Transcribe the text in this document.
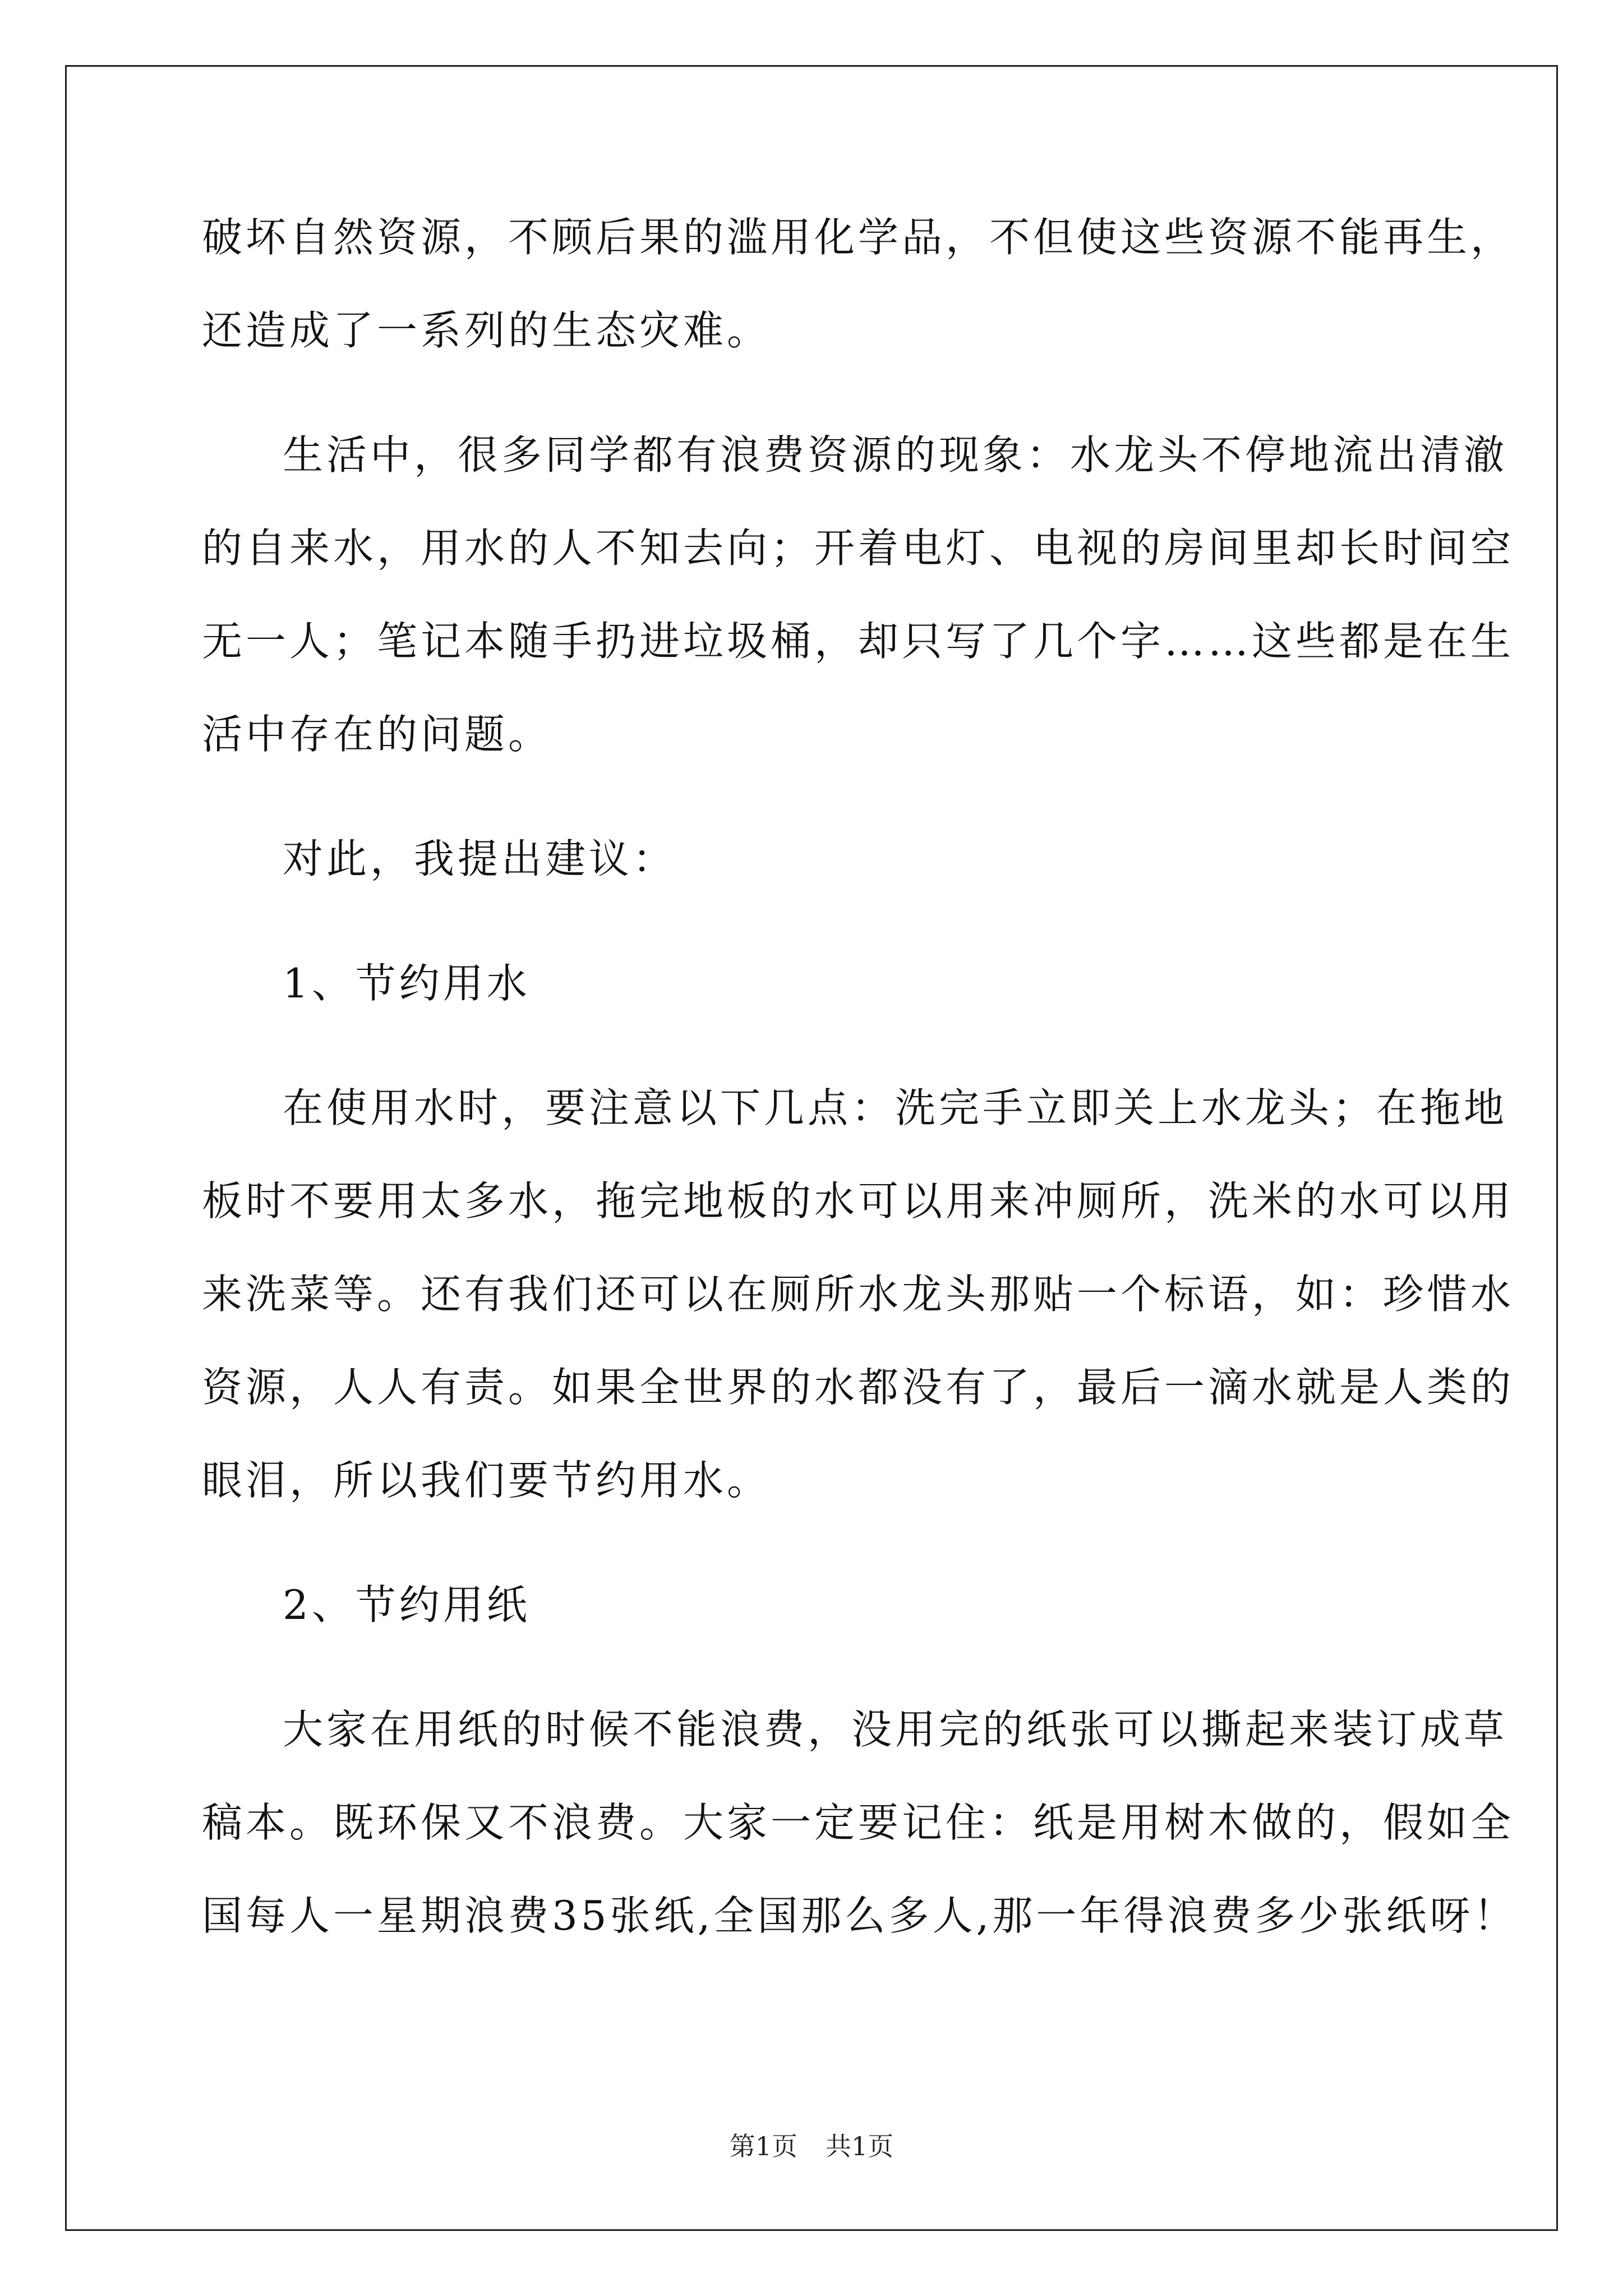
破坏自然资源，不顾后果的滥用化学品，不但使这些资源不能再生，

还造成了一系列的生态灾难。

生活中，很多同学都有浪费资源的现象：水龙头不停地流出清澈

的自来水，用水的人不知去向；开着电灯、电视的房间里却长时间空

无一人；笔记本随手扔进垃圾桶，却只写了几个字……这些都是在生

活中存在的问题。

对此，我提出建议：

1、节约用水

在使用水时，要注意以下几点：洗完手立即关上水龙头；在拖地

板时不要用太多水，拖完地板的水可以用来冲厕所，洗米的水可以用

来洗菜等。还有我们还可以在厕所水龙头那贴一个标语，如：珍惜水

资源，人人有责。如果全世界的水都没有了，最后一滴水就是人类的

眼泪，所以我们要节约用水。

2、节约用纸

大家在用纸的时候不能浪费，没用完的纸张可以撕起来装订成草

稿本。既环保又不浪费。大家一定要记住：纸是用树木做的，假如全

国每人一星期浪费35张纸,全国那么多人,那一年得浪费多少张纸呀！

第1页 共1页
